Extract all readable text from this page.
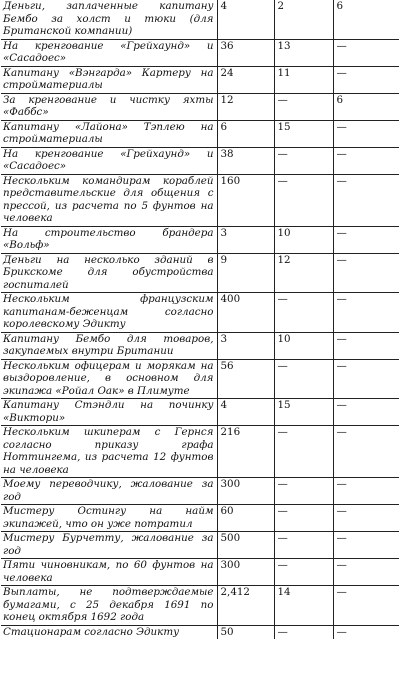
Деньги, заплаченные капитану Бембо за холст и тюки (для Британской компании)	4	2	6
На кренгование «Грейхаунд» и «Сасадоес»	36	13	—
Капитану «Вэнгарда» Картеру на стройматериалы	24	11	—
За кренгование и чистку яхты «Фаббс»	12	—	6
Капитану «Лайона» Тэплею на стройматериалы	6	15	—
На кренгование «Грейхаунд» и «Сасадоес»	38	—	—
Нескольким командирам кораблей представительские для общения с прессой, из расчета по 5 фунтов на человека	160	—	—
На строительство брандера «Вольф»	3	10	—
Деньги на несколько зданий в Брикскоме для обустройства госпиталей	9	12	—
Нескольким французским капитанам-беженцам согласно королевскому Эдикту	400	—	—
Капитану Бембо для товаров, закупаемых внутри Британии	3	10	—
Нескольким офицерам и морякам на выздоровление, в основном для экипажа «Ройал Оак» в Плимуте	56	—	—
Капитану Стэндли на починку «Виктори»	4	15	—
Нескольким шкиперам с Гернся согласно приказу графа Ноттингема, из расчета 12 фунтов на человека	216	—	—
Моему переводчику, жалование за год	300	—	—
Мистеру Остингу на найм экипажей, что он уже потратил	60	—	—
Мистеру Бурчетту, жалование за год	500	—	—
Пяти чиновникам, по 60 фунтов на человека	300	—	—
Выплаты, не подтверждаемые бумагами, с 25 декабря 1691 по конец октября 1692 года	2,412	14	—
Стационарам согласно Эдикту	50	—	—
